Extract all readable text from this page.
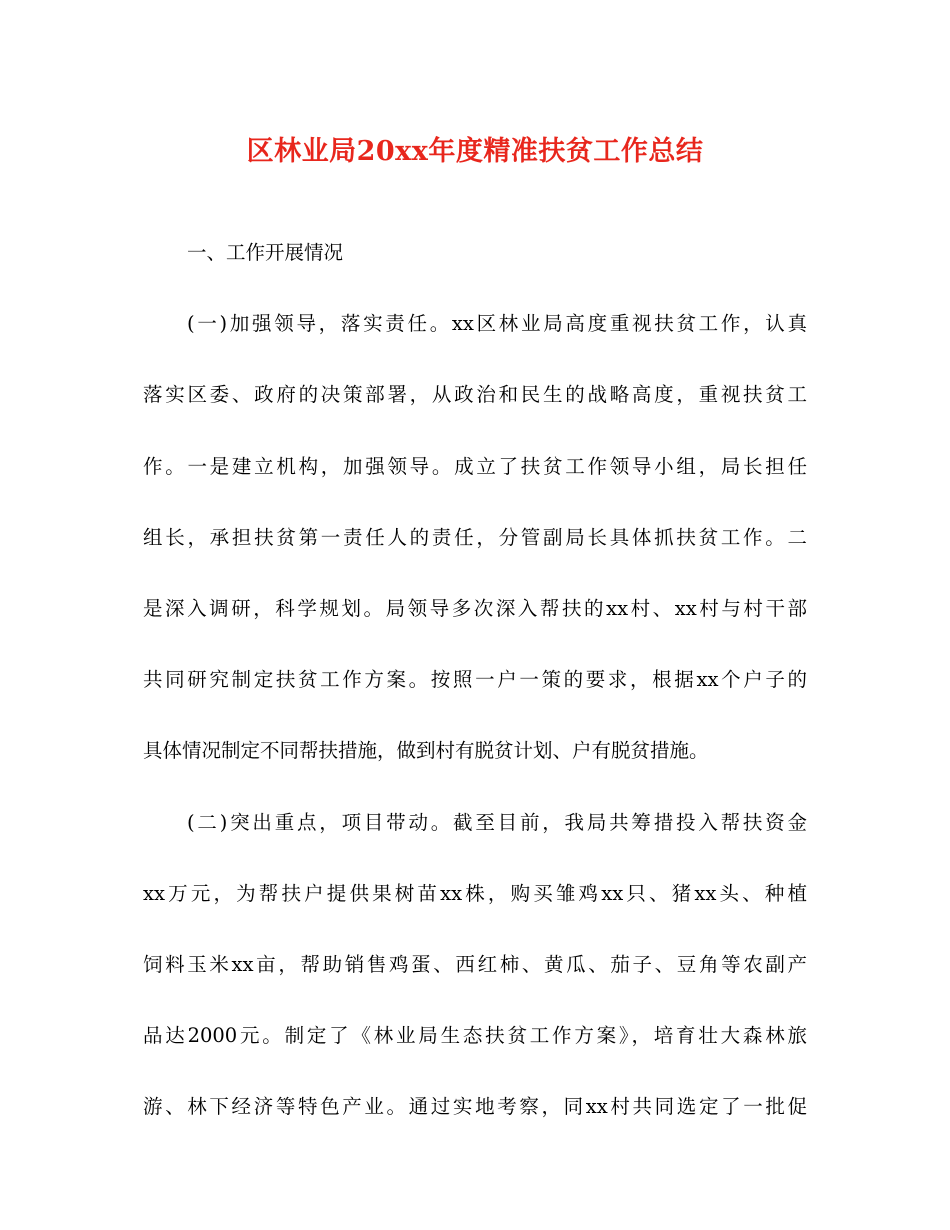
区林业局20xx年度精准扶贫工作总结
一、工作开展情况
(一)加强领导，落实责任。xx区林业局高度重视扶贫工作，认真
落实区委、政府的决策部署，从政治和民生的战略高度，重视扶贫工
作。一是建立机构，加强领导。成立了扶贫工作领导小组，局长担任
组长，承担扶贫第一责任人的责任，分管副局长具体抓扶贫工作。二
是深入调研，科学规划。局领导多次深入帮扶的xx村、xx村与村干部
共同研究制定扶贫工作方案。按照一户一策的要求，根据xx个户子的
具体情况制定不同帮扶措施，做到村有脱贫计划、户有脱贫措施。
(二)突出重点，项目带动。截至目前，我局共筹措投入帮扶资金
xx万元，为帮扶户提供果树苗xx株，购买雏鸡xx只、猪xx头、种植
饲料玉米xx亩，帮助销售鸡蛋、西红柿、黄瓜、茄子、豆角等农副产
品达2000元。制定了《林业局生态扶贫工作方案》，培育壮大森林旅
游、林下经济等特色产业。通过实地考察，同xx村共同选定了一批促
